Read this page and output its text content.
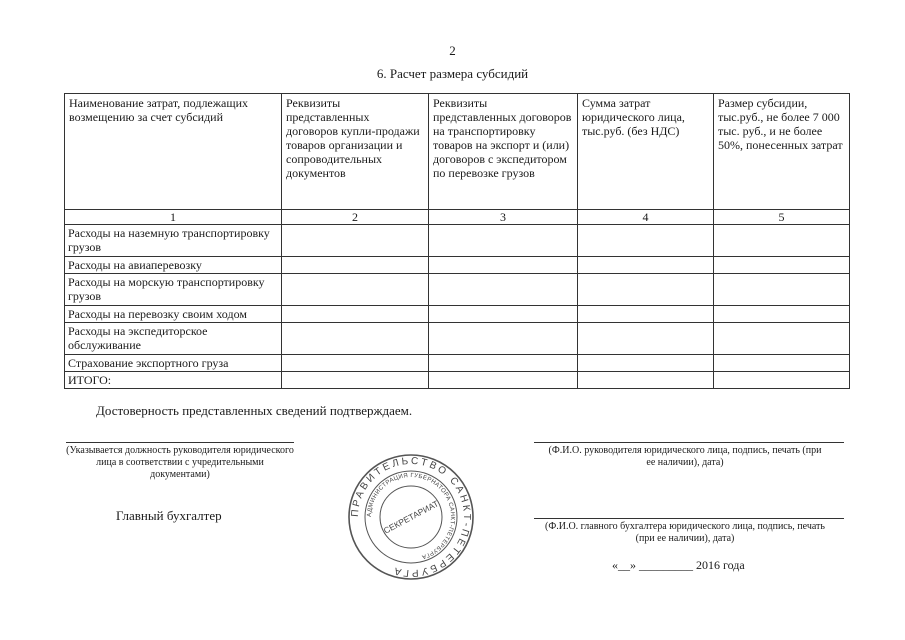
2
6. Расчет размера субсидий
Наименование затрат, подлежащих возмещению за счет субсидий	Реквизиты представленных договоров купли-продажи товаров организации и сопроводительных документов	Реквизиты представленных договоров на транспортировку товаров на экспорт и (или) договоров с экспедитором по перевозке грузов	Сумма затрат юридического лица, тыс.руб. (без НДС)	Размер субсидии, тыс.руб., не более 7 000 тыс. руб., и не более 50%, понесенных затрат
1	2	3	4	5
Расходы на наземную транспортировку грузов				
Расходы на авиаперевозку				
Расходы на морскую транспортировку грузов				
Расходы на перевозку своим ходом				
Расходы на экспедиторское обслуживание				
Страхование экспортного груза				
ИТОГО:				
Достоверность представленных сведений подтверждаем.
(Указывается должность руководителя юридического лица в соответствии с учредительными документами)
Главный бухгалтер
(Ф.И.О. руководителя юридического лица, подпись, печать (при ее наличии), дата)
(Ф.И.О. главного бухгалтера юридического лица, подпись, печать (при ее наличии), дата)
«__» _________ 2016 года
ПРАВИТЕЛЬСТВО САНКТ-ПЕТЕРБУРГА
АДМИНИСТРАЦИЯ ГУБЕРНАТОРА САНКТ-ПЕТЕРБУРГА
СЕКРЕТАРИАТ
